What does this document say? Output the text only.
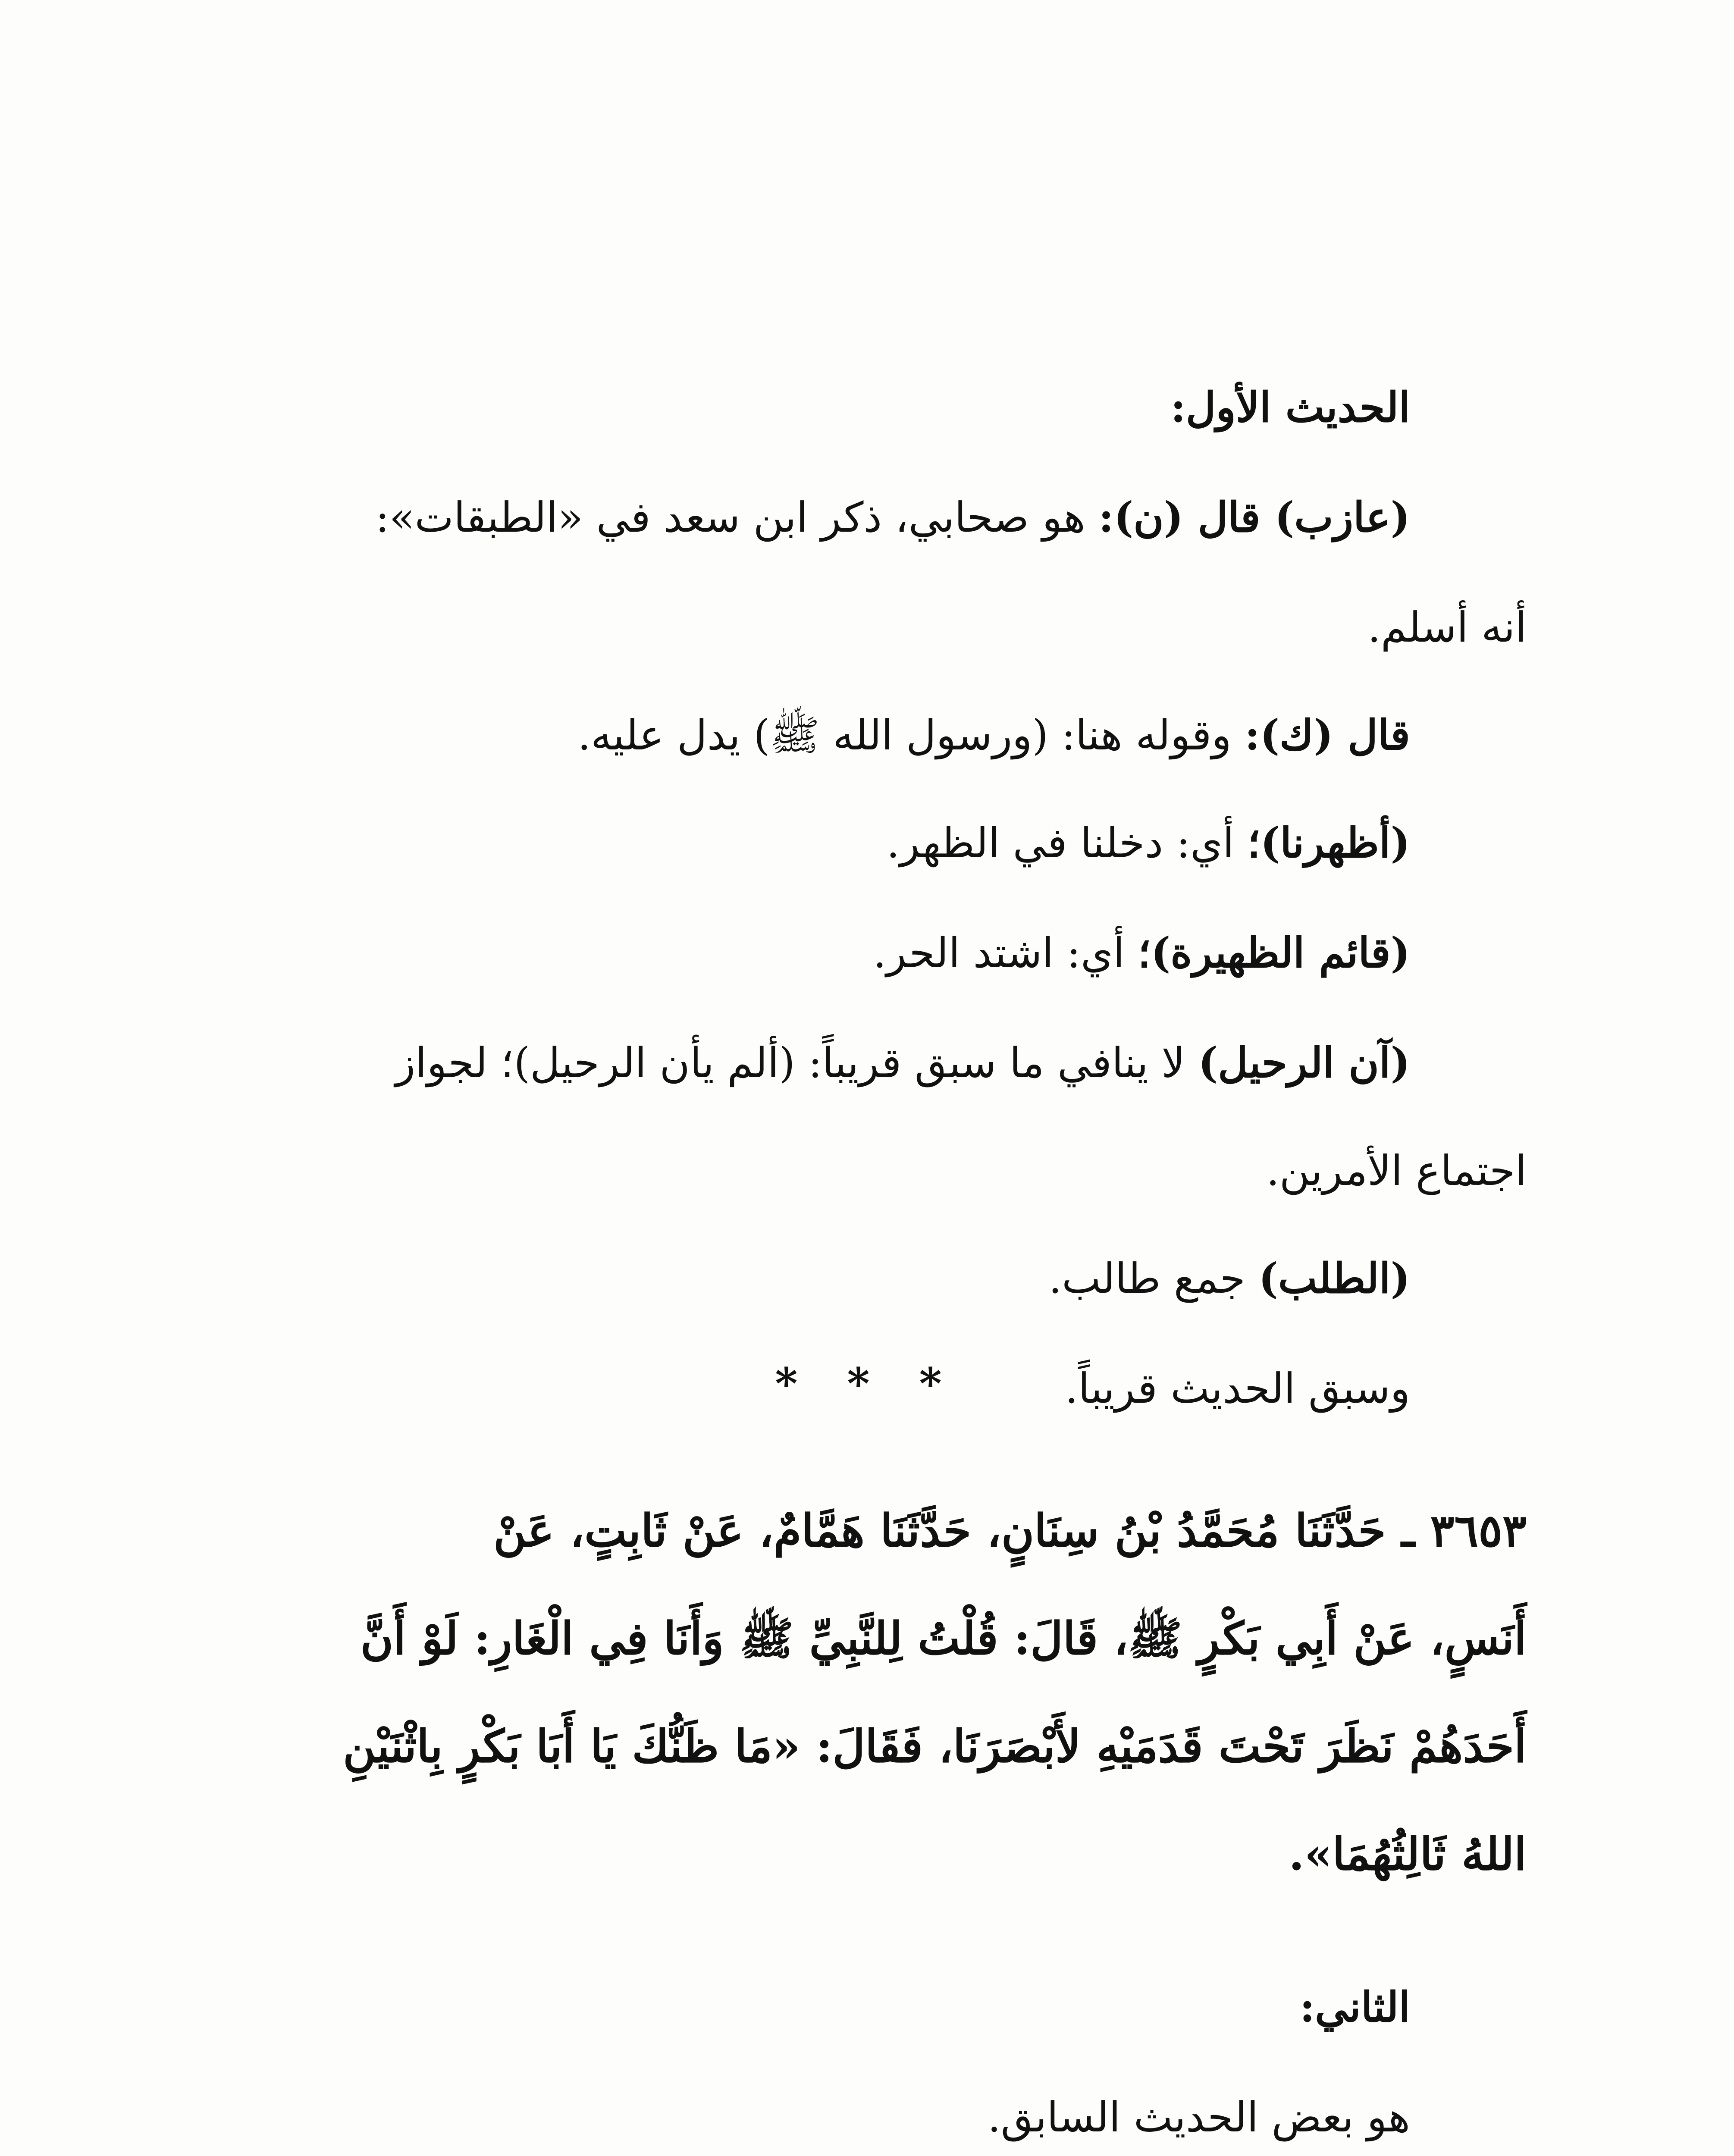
الحديث الأول:
(عازب) قال (ن): هو صحابي، ذكر ابن سعد في «الطبقات»:
أنه أسلم.
قال (ك): وقوله هنا: (ورسول الله ﷺ) يدل عليه.
(أظهرنا)؛ أي: دخلنا في الظهر.
(قائم الظهيرة)؛ أي: اشتد الحر.
(آن الرحيل) لا ينافي ما سبق قريباً: (ألم يأن الرحيل)؛ لجواز
اجتماع الأمرين.
(الطلب) جمع طالب.
وسبق الحديث قريباً.
* * *
٣٦٥٣ ـ حَدَّثَنَا مُحَمَّدُ بْنُ سِنَانٍ، حَدَّثَنَا هَمَّامٌ، عَنْ ثَابِتٍ، عَنْ
أَنَسٍ، عَنْ أَبِي بَكْرٍ ﷺ، قَالَ: قُلْتُ لِلنَّبِيِّ ﷺ وَأَنَا فِي الْغَارِ: لَوْ أَنَّ
أَحَدَهُمْ نَظَرَ تَحْتَ قَدَمَيْهِ لأَبْصَرَنَا، فَقَالَ: «مَا ظَنُّكَ يَا أَبَا بَكْرٍ بِاثْنَيْنِ
اللهُ ثَالِثُهُمَا».
الثاني:
هو بعض الحديث السابق.
